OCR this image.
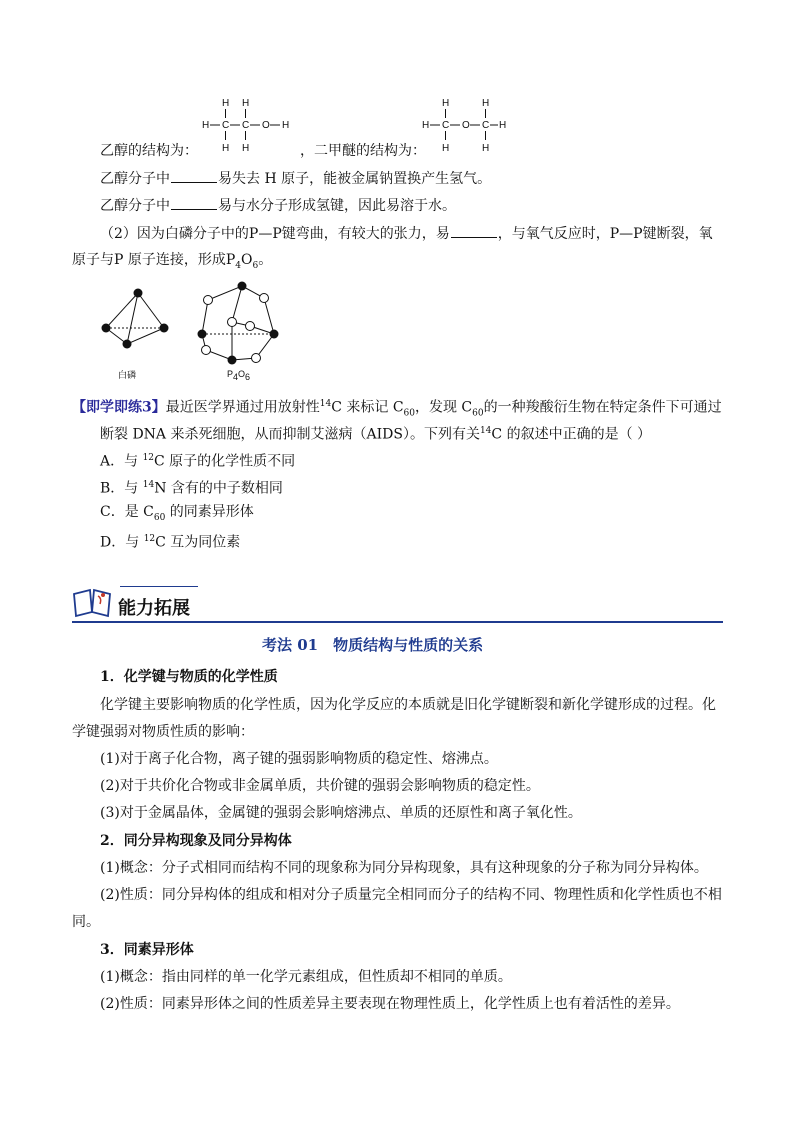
H H
H C C O H
H H
H	H
H C O C H
H	H
乙醇的结构为：	，二甲醚的结构为：
乙醇分子中	易失去 H 原子，能被金属钠置换产生氢气。
乙醇分子中	易与水分子形成氢键，因此易溶于水。
（2）因为白磷分子中的P—P键弯曲，有较大的张力，易	，与氧气反应时，P—P键断裂，氧
原子与P 原子连接，形成$P_4O_6$。
白磷	$P_4O_6$
【即学即练3】最近医学界通过用放射性$^{14}$C 来标记 $C_{60}$，发现 $C_{60}$的一种羧酸衍生物在特定条件下可通过
断裂 DNA 来杀死细胞，从而抑制艾滋病（AIDS）。下列有关$^{14}$C 的叙述中正确的是（ ）
A．与 $^{12}$C 原子的化学性质不同
B．与 $^{14}$N 含有的中子数相同
C．是 $C_{60}$ 的同素异形体
D．与 $^{12}$C 互为同位素
能力拓展
考法 01　物质结构与性质的关系
1．化学键与物质的化学性质
化学键主要影响物质的化学性质，因为化学反应的本质就是旧化学键断裂和新化学键形成的过程。化
学键强弱对物质性质的影响：
(1)对于离子化合物，离子键的强弱影响物质的稳定性、熔沸点。
(2)对于共价化合物或非金属单质，共价键的强弱会影响物质的稳定性。
(3)对于金属晶体，金属键的强弱会影响熔沸点、单质的还原性和离子氧化性。
2．同分异构现象及同分异构体
(1)概念：分子式相同而结构不同的现象称为同分异构现象，具有这种现象的分子称为同分异构体。
(2)性质：同分异构体的组成和相对分子质量完全相同而分子的结构不同、物理性质和化学性质也不相
同。
3．同素异形体
(1)概念：指由同样的单一化学元素组成，但性质却不相同的单质。
(2)性质：同素异形体之间的性质差异主要表现在物理性质上，化学性质上也有着活性的差异。
